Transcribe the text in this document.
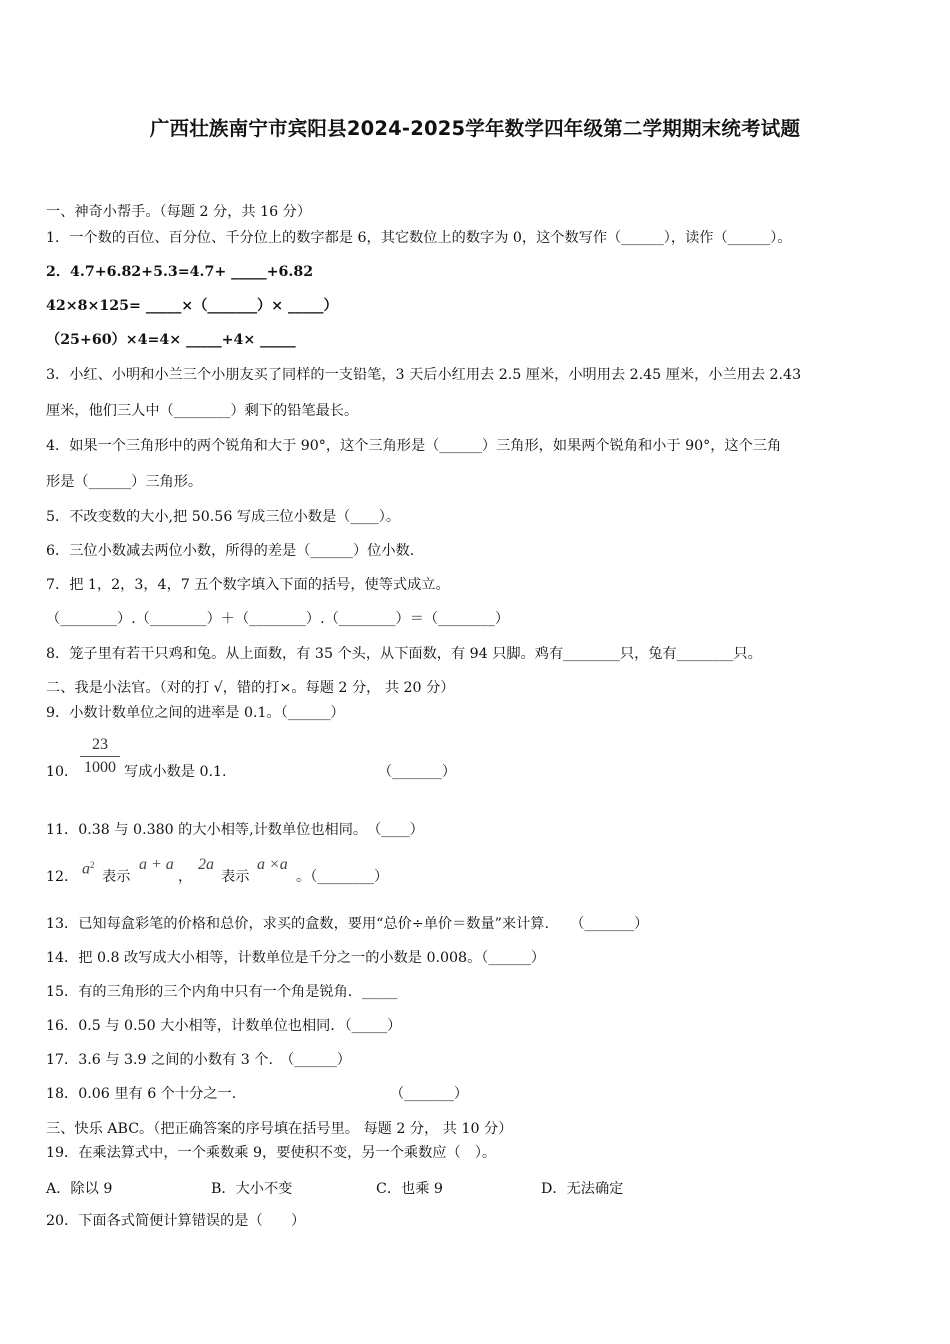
广西壮族南宁市宾阳县2024-2025学年数学四年级第二学期期末统考试题
一、神奇小帮手。（每题 2 分，共 16 分）
1．一个数的百位、百分位、千分位上的数字都是 6，其它数位上的数字为 0，这个数写作（______），读作（______）。
2．4.7+6.82+5.3=4.7+ _____+6.82
42×8×125= _____×（_______）× _____）
（25+60）×4=4× _____+4× _____
3．小红、小明和小兰三个小朋友买了同样的一支铅笔，3 天后小红用去 2.5 厘米，小明用去 2.45 厘米，小兰用去 2.43
厘米，他们三人中（________）剩下的铅笔最长。
4．如果一个三角形中的两个锐角和大于 90°，这个三角形是（______）三角形，如果两个锐角和小于 90°，这个三角
形是（______）三角形。
5．不改变数的大小,把 50.56 写成三位小数是（____）。
6．三位小数减去两位小数，所得的差是（______）位小数.
7．把 1，2，3，4，7 五个数字填入下面的括号，使等式成立。
（________）.（________）＋（________）.（________）＝（________）
8．笼子里有若干只鸡和兔。从上面数，有 35 个头，从下面数，有 94 只脚。鸡有________只，兔有________只。
二、我是小法官。（对的打 √，错的打×。每题 2 分， 共 20 分）
9．小数计数单位之间的进率是 0.1。（______）
23
1000
10．	写成小数是 0.1.	（_______）
11．0.38 与 0.380 的大小相等,计数单位也相同。　（____）
12． $a^2$
表示
a + a
，
2a
表示
a ×a
。（________）
13．已知每盒彩笔的价格和总价，求买的盒数，要用“总价÷单价＝数量”来计算.　　（_______）
14．把 0.8 改写成大小相等，计数单位是千分之一的小数是 0.008。（______）
15．有的三角形的三个内角中只有一个角是锐角．_____
16．0.5 与 0.50 大小相等，计数单位也相同．（_____）
17．3.6 与 3.9 之间的小数有 3 个.　（______）
18．0.06 里有 6 个十分之一.	（_______）
三、快乐 ABC。（把正确答案的序号填在括号里。 每题 2 分， 共 10 分）
19．在乘法算式中，一个乘数乘 9，要使积不变，另一个乘数应（　）。
A．除以 9	B．大小不变	C．也乘 9	D．无法确定
20．下面各式简便计算错误的是（　　）
